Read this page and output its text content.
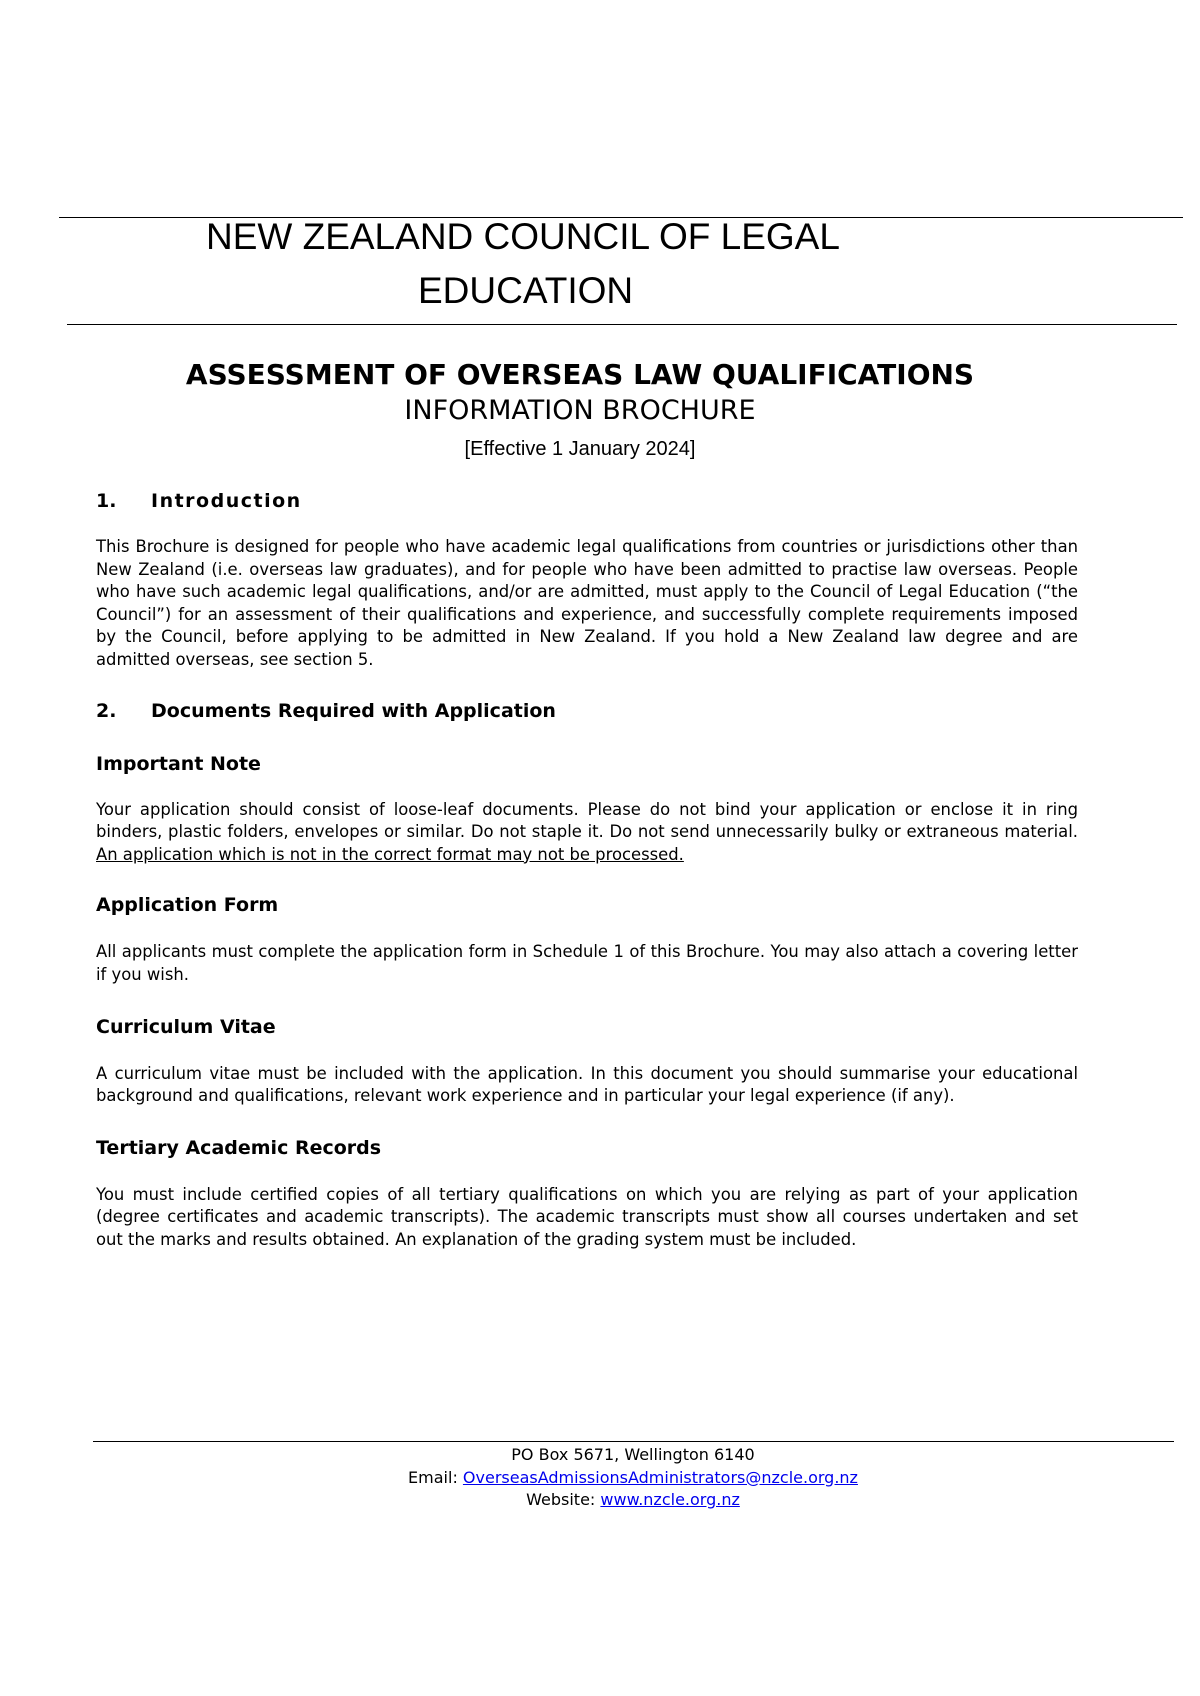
NEW ZEALAND COUNCIL OF LEGAL
EDUCATION
ASSESSMENT OF OVERSEAS LAW QUALIFICATIONS
INFORMATION BROCHURE
[Effective 1 January 2024]
1.	Introduction

This Brochure is designed for people who have academic legal qualifications from countries or jurisdictions other than New Zealand (i.e. overseas law graduates), and for people who have been admitted to practise law overseas. People who have such academic legal qualifications, and/or are admitted, must apply to the Council of Legal Education (“the Council”) for an assessment of their qualifications and experience, and successfully complete requirements imposed by the Council, before applying to be admitted in New Zealand. If you hold a New Zealand law degree and are admitted overseas, see section 5.

2.	Documents Required with Application
Important Note

Your application should consist of loose-leaf documents. Please do not bind your application or enclose it in ring binders, plastic folders, envelopes or similar. Do not staple it. Do not send unnecessarily bulky or extraneous material. An application which is not in the correct format may not be processed.

Application Form

All applicants must complete the application form in Schedule 1 of this Brochure. You may also attach a covering letter if you wish.

Curriculum Vitae

A curriculum vitae must be included with the application. In this document you should summarise your educational background and qualifications, relevant work experience and in particular your legal experience (if any).

Tertiary Academic Records

You must include certified copies of all tertiary qualifications on which you are relying as part of your application (degree certificates and academic transcripts). The academic transcripts must show all courses undertaken and set out the marks and results obtained. An explanation of the grading system must be included.

PO Box 5671, Wellington 6140
Email: OverseasAdmissionsAdministrators@nzcle.org.nz
Website: www.nzcle.org.nz
